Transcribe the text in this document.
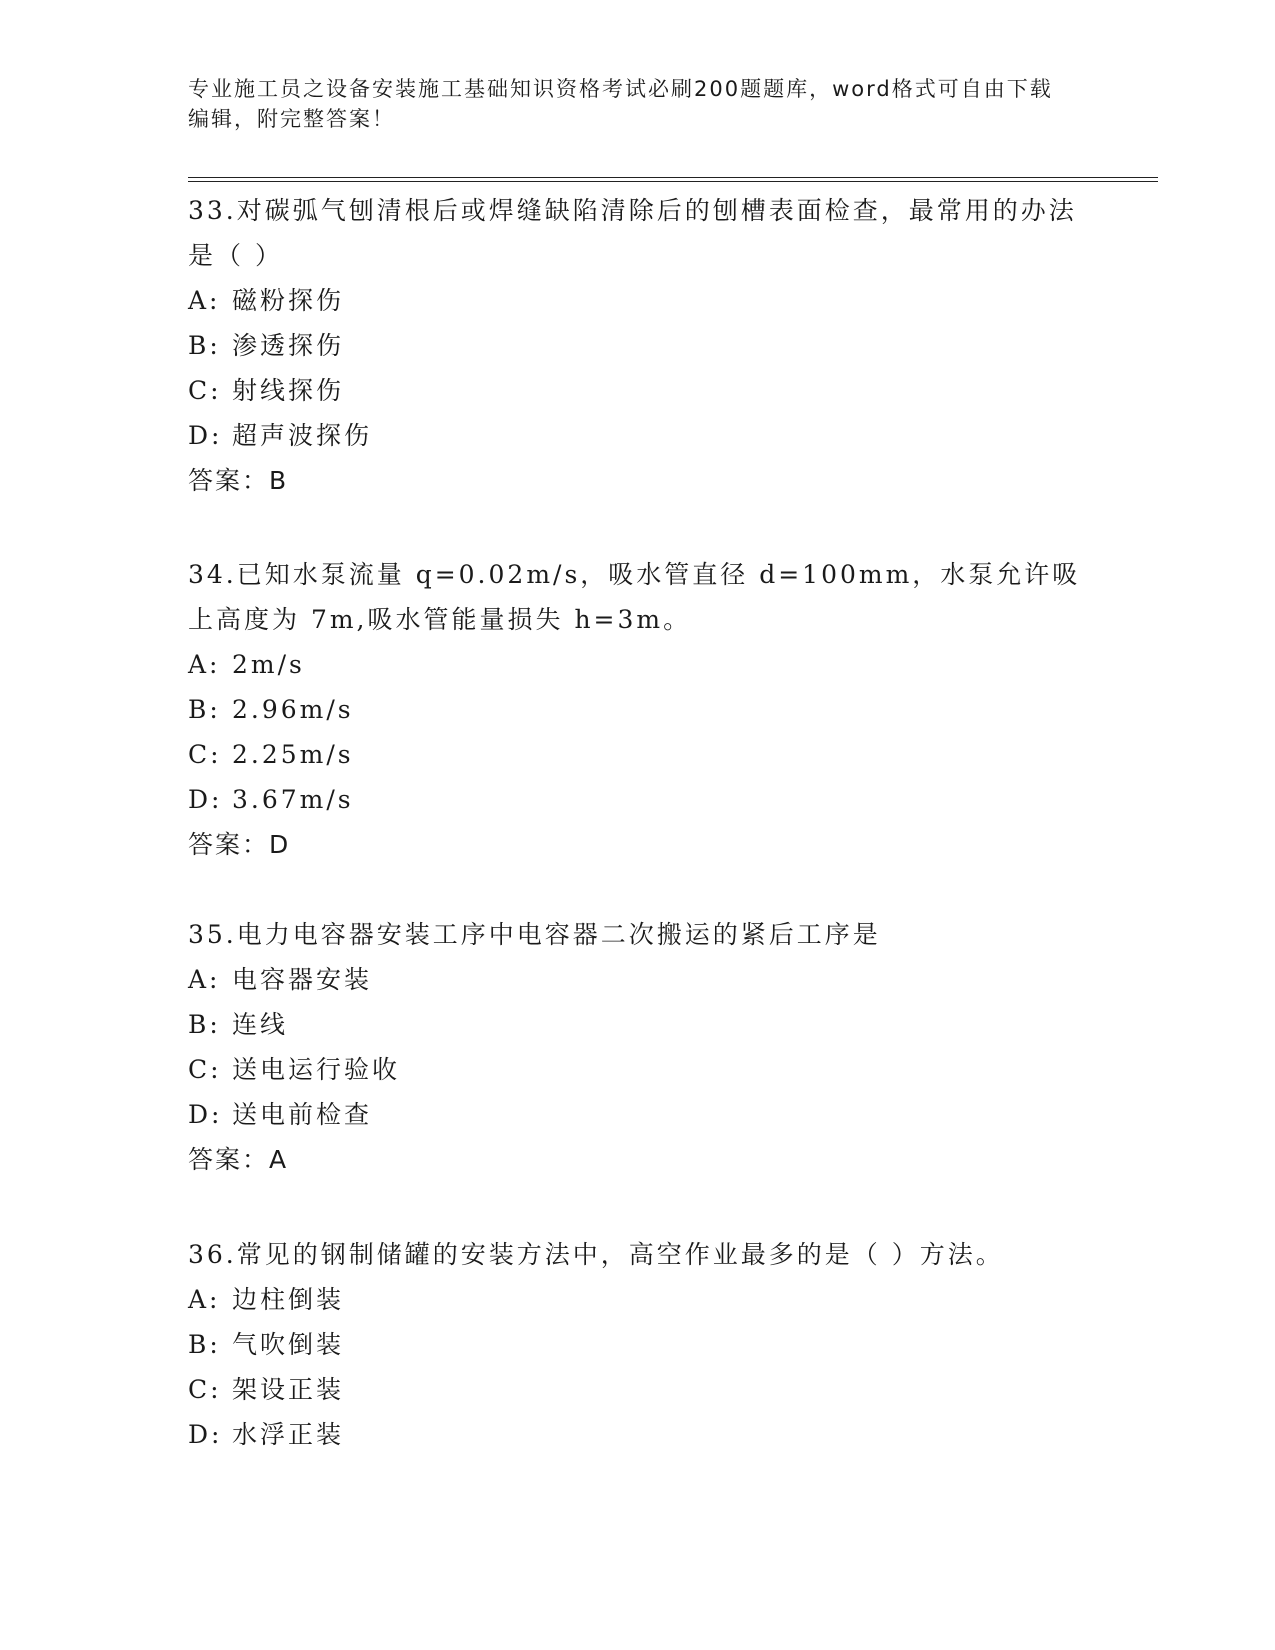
专业施工员之设备安装施工基础知识资格考试必刷200题题库，word格式可自由下载编辑，附完整答案！

33.对碳弧气刨清根后或焊缝缺陷清除后的刨槽表面检查，最常用的办法是（ ）

A: 磁粉探伤
B: 渗透探伤
C: 射线探伤
D: 超声波探伤
答案：B

34.已知水泵流量 q=0.02m/s，吸水管直径 d=100mm，水泵允许吸上高度为 7m,吸水管能量损失 h=3m。

A: 2m/s
B: 2.96m/s
C: 2.25m/s
D: 3.67m/s
答案：D

35.电力电容器安装工序中电容器二次搬运的紧后工序是

A: 电容器安装
B: 连线
C: 送电运行验收
D: 送电前检查
答案：A

36.常见的钢制储罐的安装方法中，高空作业最多的是（ ）方法。

A: 边柱倒装
B: 气吹倒装
C: 架设正装
D: 水浮正装
